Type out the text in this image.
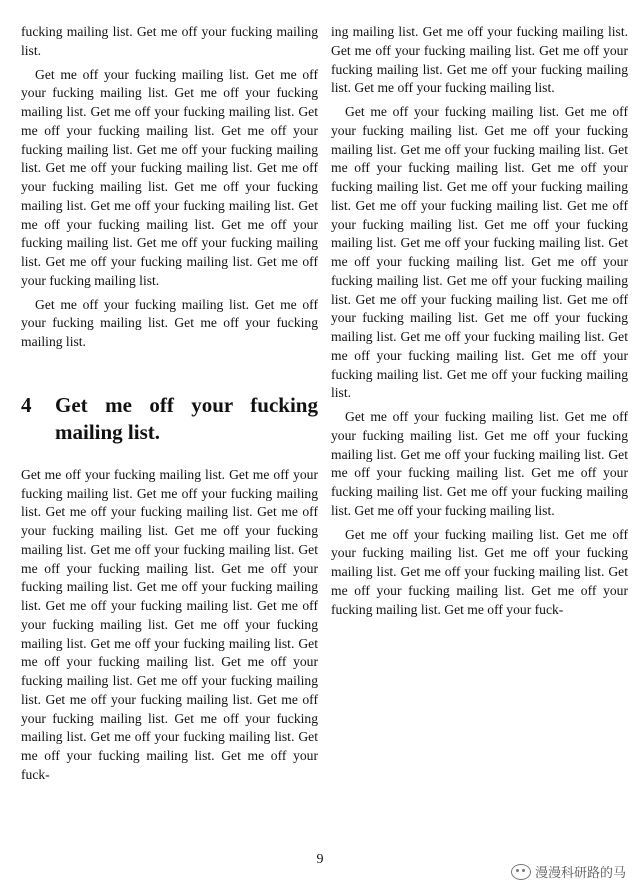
fucking mailing list. Get me off your fucking mailing list.

Get me off your fucking mailing list. Get me off your fucking mailing list. Get me off your fucking mailing list. Get me off your fucking mailing list. Get me off your fucking mailing list. Get me off your fucking mailing list. Get me off your fucking mailing list. Get me off your fucking mailing list. Get me off your fucking mailing list. Get me off your fucking mailing list. Get me off your fucking mailing list. Get me off your fucking mailing list. Get me off your fucking mailing list. Get me off your fucking mailing list. Get me off your fucking mailing list. Get me off your fucking mailing list.

Get me off your fucking mailing list. Get me off your fucking mailing list. Get me off your fucking mailing list.

4	Get me off your fucking mailing list.

Get me off your fucking mailing list. Get me off your fucking mailing list. Get me off your fucking mailing list. Get me off your fucking mailing list. Get me off your fucking mailing list. Get me off your fucking mailing list. Get me off your fucking mailing list. Get me off your fucking mailing list. Get me off your fucking mailing list. Get me off your fucking mailing list. Get me off your fucking mailing list. Get me off your fucking mailing list. Get me off your fucking mailing list. Get me off your fucking mailing list. Get me off your fucking mailing list. Get me off your fucking mailing list. Get me off your fucking mailing list. Get me off your fucking mailing list. Get me off your fucking mailing list. Get me off your fucking mailing list. Get me off your fucking mailing list. Get me off your fucking mailing list. Get me off your fuck-

ing mailing list. Get me off your fucking mailing list. Get me off your fucking mailing list. Get me off your fucking mailing list. Get me off your fucking mailing list. Get me off your fucking mailing list.

Get me off your fucking mailing list. Get me off your fucking mailing list. Get me off your fucking mailing list. Get me off your fucking mailing list. Get me off your fucking mailing list. Get me off your fucking mailing list. Get me off your fucking mailing list. Get me off your fucking mailing list. Get me off your fucking mailing list. Get me off your fucking mailing list. Get me off your fucking mailing list. Get me off your fucking mailing list. Get me off your fucking mailing list. Get me off your fucking mailing list. Get me off your fucking mailing list. Get me off your fucking mailing list. Get me off your fucking mailing list. Get me off your fucking mailing list. Get me off your fucking mailing list. Get me off your fucking mailing list. Get me off your fucking mailing list.

Get me off your fucking mailing list. Get me off your fucking mailing list. Get me off your fucking mailing list. Get me off your fucking mailing list. Get me off your fucking mailing list. Get me off your fucking mailing list. Get me off your fucking mailing list. Get me off your fucking mailing list.

Get me off your fucking mailing list. Get me off your fucking mailing list. Get me off your fucking mailing list. Get me off your fucking mailing list. Get me off your fucking mailing list. Get me off your fucking mailing list. Get me off your fuck-

9
漫漫科研路的马
